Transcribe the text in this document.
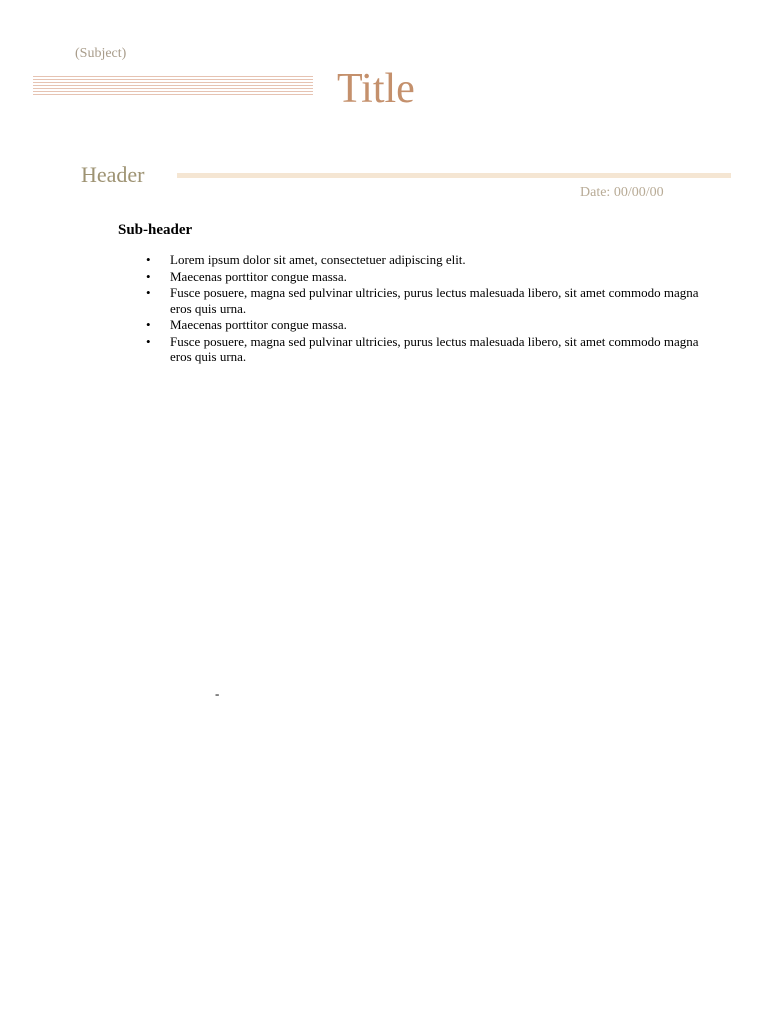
(Subject)
Title
Header
Date: 00/00/00
Sub-header
• Lorem ipsum dolor sit amet, consectetuer adipiscing elit.
• Maecenas porttitor congue massa.
• Fusce posuere, magna sed pulvinar ultricies, purus lectus malesuada libero, sit amet commodo magna eros quis urna.
• Maecenas porttitor congue massa.
• Fusce posuere, magna sed pulvinar ultricies, purus lectus malesuada libero, sit amet commodo magna eros quis urna.
-
